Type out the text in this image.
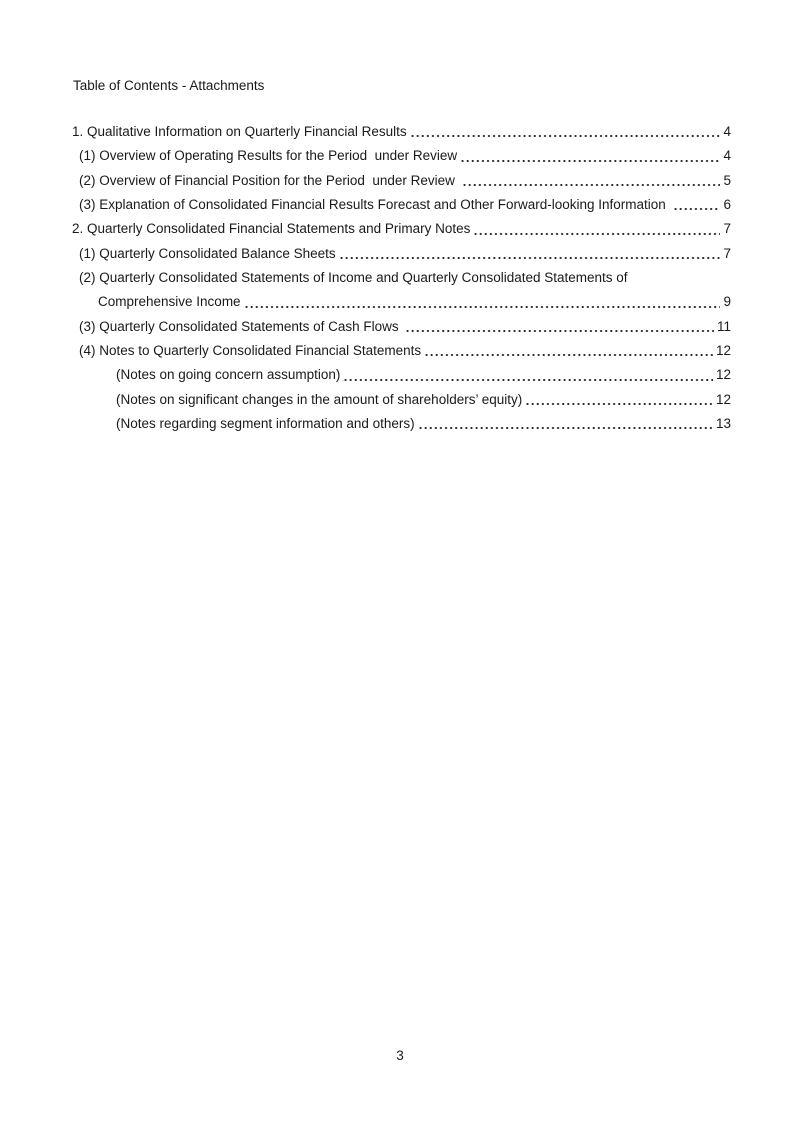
Table of Contents - Attachments
1. Qualitative Information on Quarterly Financial Results	4
(1) Overview of Operating Results for the Period  under Review	4
(2) Overview of Financial Position for the Period  under Review	5
(3) Explanation of Consolidated Financial Results Forecast and Other Forward-looking Information	6
2. Quarterly Consolidated Financial Statements and Primary Notes	7
(1) Quarterly Consolidated Balance Sheets	7
(2) Quarterly Consolidated Statements of Income and Quarterly Consolidated Statements of
Comprehensive Income	9
(3) Quarterly Consolidated Statements of Cash Flows	11
(4) Notes to Quarterly Consolidated Financial Statements	12
(Notes on going concern assumption)	12
(Notes on significant changes in the amount of shareholders’ equity)	12
(Notes regarding segment information and others)	13
3
